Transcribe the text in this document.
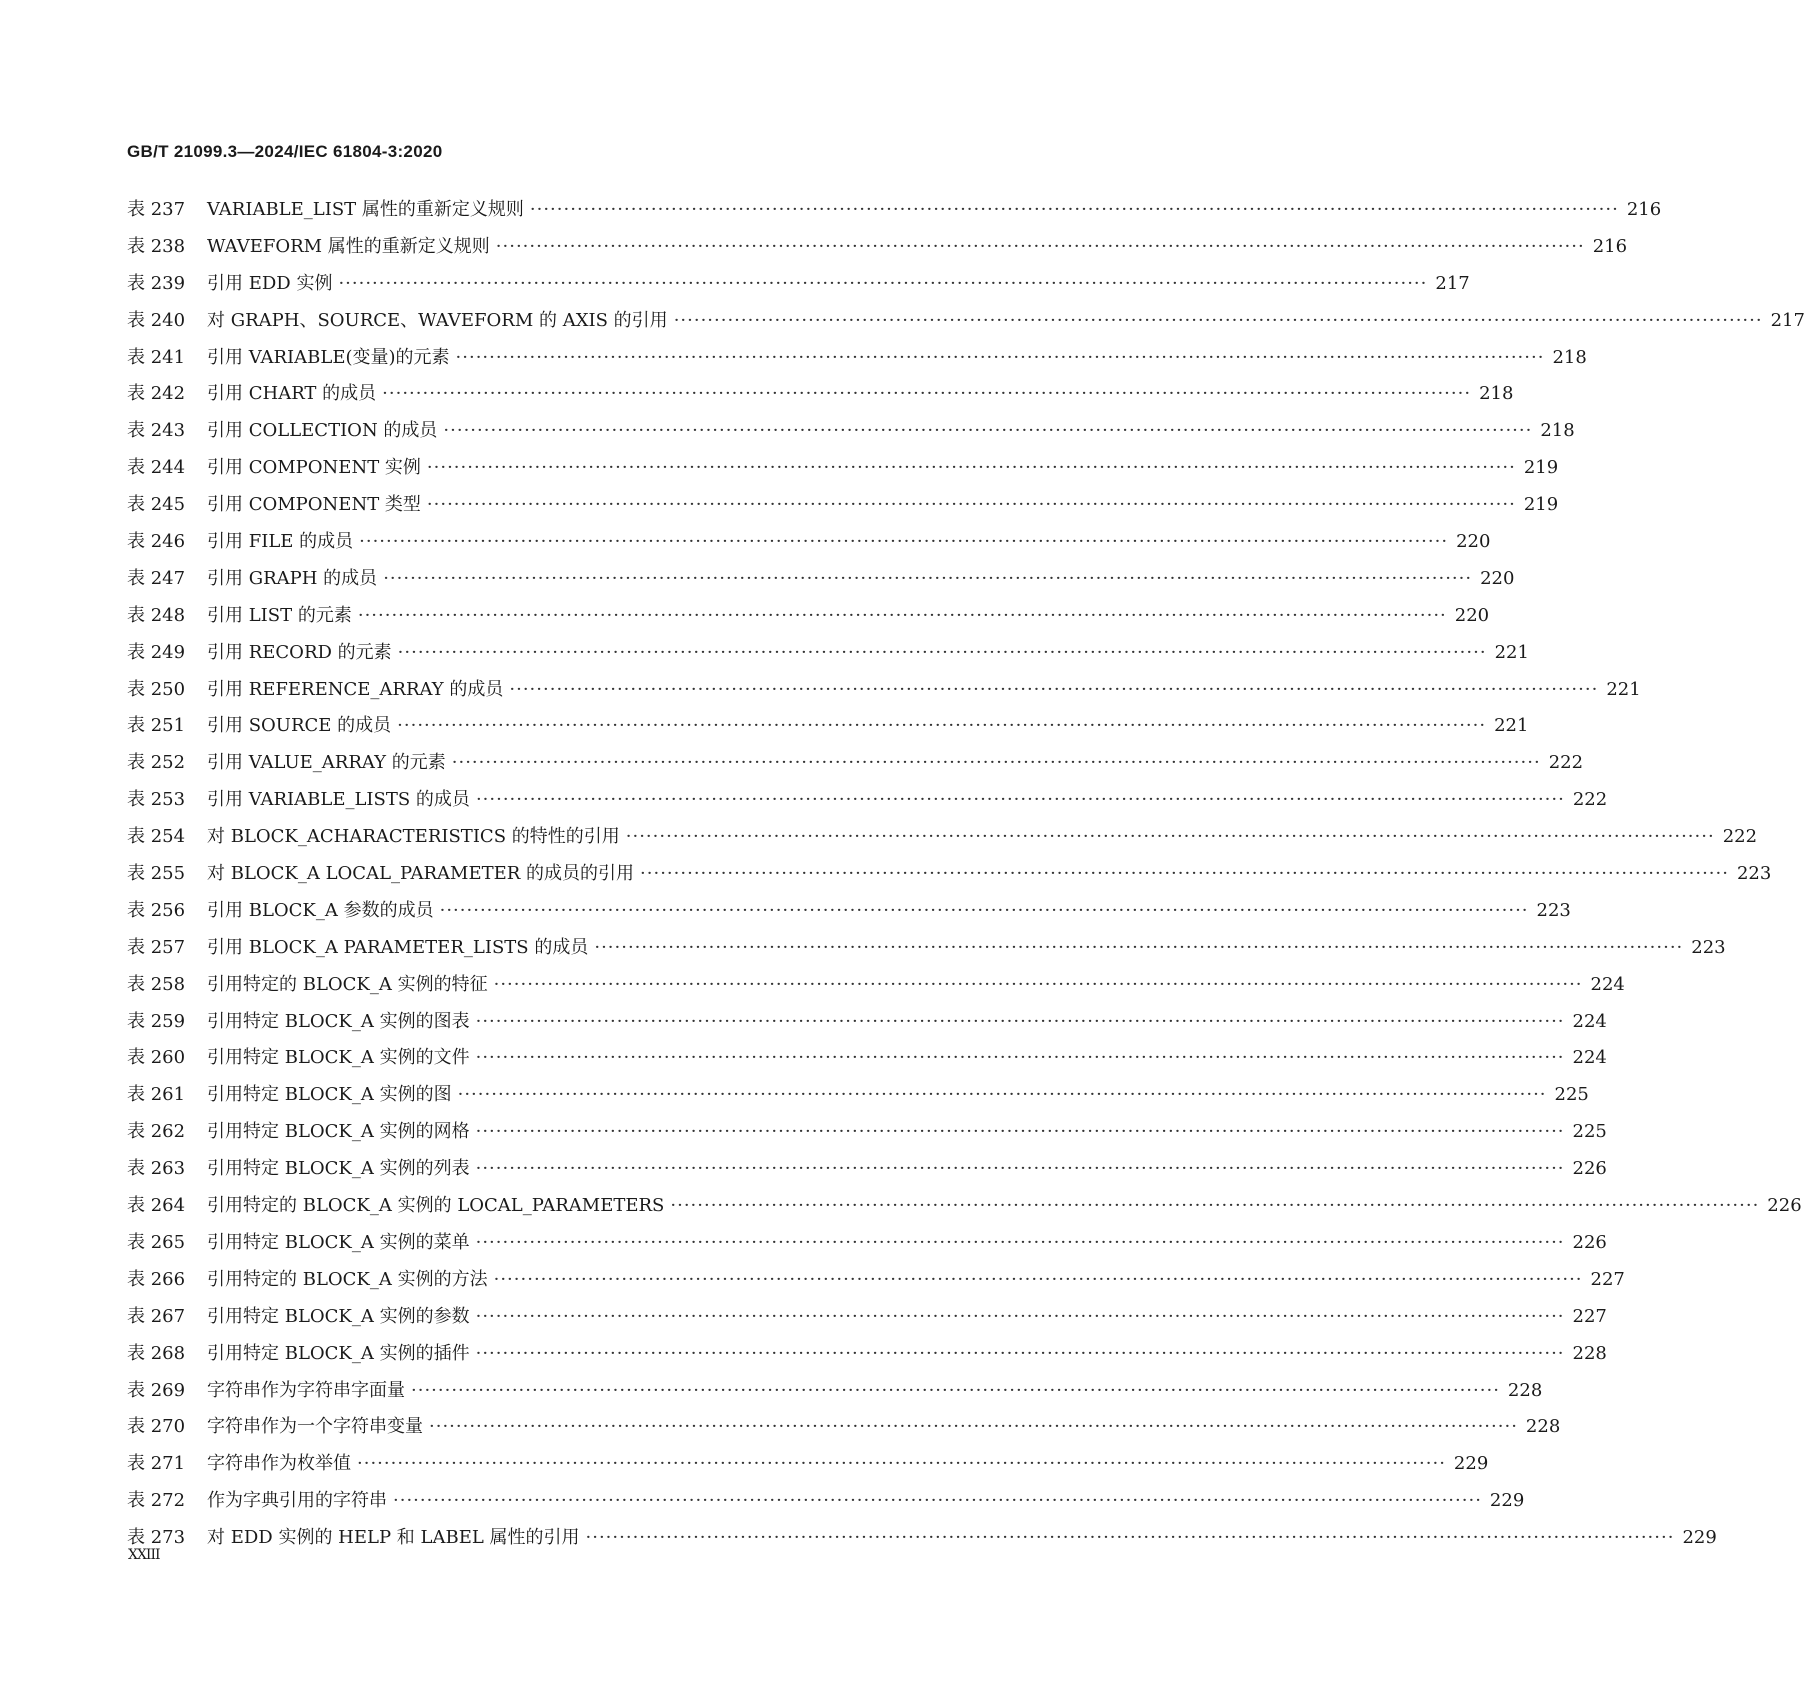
GB/T 21099.3—2024/IEC 61804-3:2020
表 237	VARIABLE_LIST 属性的重新定义规则 ·····	216
表 238	WAVEFORM 属性的重新定义规则 ·····	216
表 239	引用 EDD 实例 ·····	217
表 240	对 GRAPH、SOURCE、WAVEFORM 的 AXIS 的引用 ·····	217
表 241	引用 VARIABLE(变量)的元素 ·····	218
表 242	引用 CHART 的成员 ·····	218
表 243	引用 COLLECTION 的成员 ·····	218
表 244	引用 COMPONENT 实例 ·····	219
表 245	引用 COMPONENT 类型 ·····	219
表 246	引用 FILE 的成员 ·····	220
表 247	引用 GRAPH 的成员 ·····	220
表 248	引用 LIST 的元素 ·····	220
表 249	引用 RECORD 的元素 ·····	221
表 250	引用 REFERENCE_ARRAY 的成员 ·····	221
表 251	引用 SOURCE 的成员 ·····	221
表 252	引用 VALUE_ARRAY 的元素 ·····	222
表 253	引用 VARIABLE_LISTS 的成员 ·····	222
表 254	对 BLOCK_ACHARACTERISTICS 的特性的引用 ·····	222
表 255	对 BLOCK_A LOCAL_PARAMETER 的成员的引用 ·····	223
表 256	引用 BLOCK_A 参数的成员 ·····	223
表 257	引用 BLOCK_A PARAMETER_LISTS 的成员 ·····	223
表 258	引用特定的 BLOCK_A 实例的特征 ·····	224
表 259	引用特定 BLOCK_A 实例的图表 ·····	224
表 260	引用特定 BLOCK_A 实例的文件 ·····	224
表 261	引用特定 BLOCK_A 实例的图 ·····	225
表 262	引用特定 BLOCK_A 实例的网格 ·····	225
表 263	引用特定 BLOCK_A 实例的列表 ·····	226
表 264	引用特定的 BLOCK_A 实例的 LOCAL_PARAMETERS ·····	226
表 265	引用特定 BLOCK_A 实例的菜单 ·····	226
表 266	引用特定的 BLOCK_A 实例的方法 ·····	227
表 267	引用特定 BLOCK_A 实例的参数 ·····	227
表 268	引用特定 BLOCK_A 实例的插件 ·····	228
表 269	字符串作为字符串字面量 ·····	228
表 270	字符串作为一个字符串变量 ·····	228
表 271	字符串作为枚举值 ·····	229
表 272	作为字典引用的字符串 ·····	229
表 273	对 EDD 实例的 HELP 和 LABEL 属性的引用 ·····	229
XXIII
